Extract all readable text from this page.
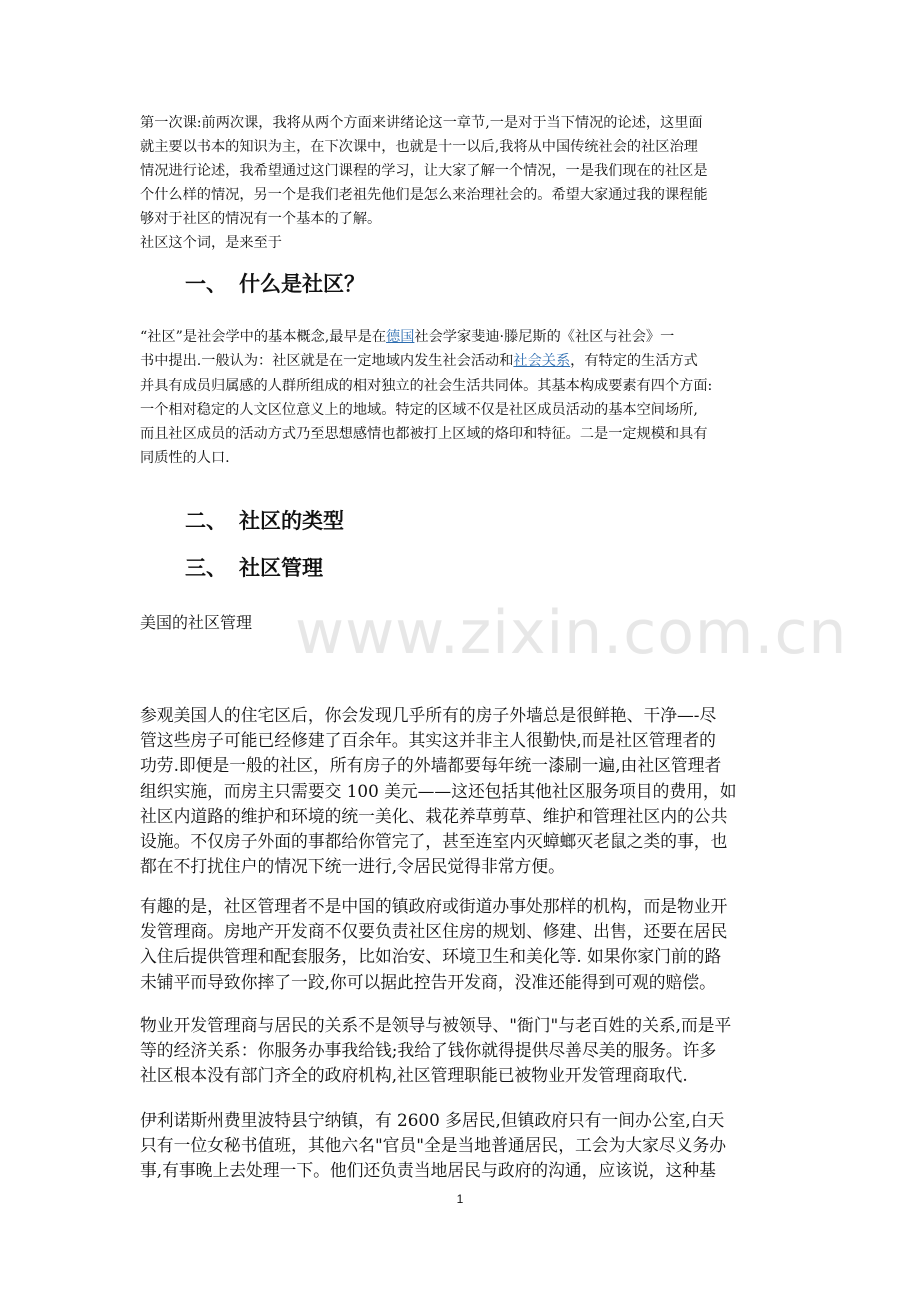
第一次课:前两次课，我将从两个方面来讲绪论这一章节,一是对于当下情况的论述，这里面
就主要以书本的知识为主，在下次课中，也就是十一以后,我将从中国传统社会的社区治理
情况进行论述，我希望通过这门课程的学习，让大家了解一个情况，一是我们现在的社区是
个什么样的情况，另一个是我们老祖先他们是怎么来治理社会的。希望大家通过我的课程能
够对于社区的情况有一个基本的了解。
社区这个词，是来至于
一、 什么是社区？
“社区”是社会学中的基本概念,最早是在德国社会学家斐迪·滕尼斯的《社区与社会》一
书中提出.一般认为：社区就是在一定地域内发生社会活动和社会关系，有特定的生活方式
并具有成员归属感的人群所组成的相对独立的社会生活共同体。其基本构成要素有四个方面:
一个相对稳定的人文区位意义上的地域。特定的区域不仅是社区成员活动的基本空间场所,
而且社区成员的活动方式乃至思想感情也都被打上区域的烙印和特征。二是一定规模和具有
同质性的人口.
二、 社区的类型
三、 社区管理
美国的社区管理 www.zixin.com.cn
参观美国人的住宅区后，你会发现几乎所有的房子外墙总是很鲜艳、干净—-尽
管这些房子可能已经修建了百余年。其实这并非主人很勤快,而是社区管理者的
功劳.即便是一般的社区，所有房子的外墙都要每年统一漆刷一遍,由社区管理者
组织实施，而房主只需要交 100 美元——这还包括其他社区服务项目的费用，如
社区内道路的维护和环境的统一美化、栽花养草剪草、维护和管理社区内的公共
设施。不仅房子外面的事都给你管完了，甚至连室内灭蟑螂灭老鼠之类的事，也
都在不打扰住户的情况下统一进行,令居民觉得非常方便。
有趣的是，社区管理者不是中国的镇政府或街道办事处那样的机构，而是物业开
发管理商。房地产开发商不仅要负责社区住房的规划、修建、出售，还要在居民
入住后提供管理和配套服务，比如治安、环境卫生和美化等. 如果你家门前的路
未铺平而导致你摔了一跤,你可以据此控告开发商，没准还能得到可观的赔偿。
物业开发管理商与居民的关系不是领导与被领导、"衙门"与老百姓的关系,而是平
等的经济关系：你服务办事我给钱;我给了钱你就得提供尽善尽美的服务。许多
社区根本没有部门齐全的政府机构,社区管理职能已被物业开发管理商取代.
伊利诺斯州费里波特县宁纳镇，有 2600 多居民,但镇政府只有一间办公室,白天
只有一位女秘书值班，其他六名"官员"全是当地普通居民，工会为大家尽义务办
事,有事晚上去处理一下。他们还负责当地居民与政府的沟通，应该说，这种基
1
